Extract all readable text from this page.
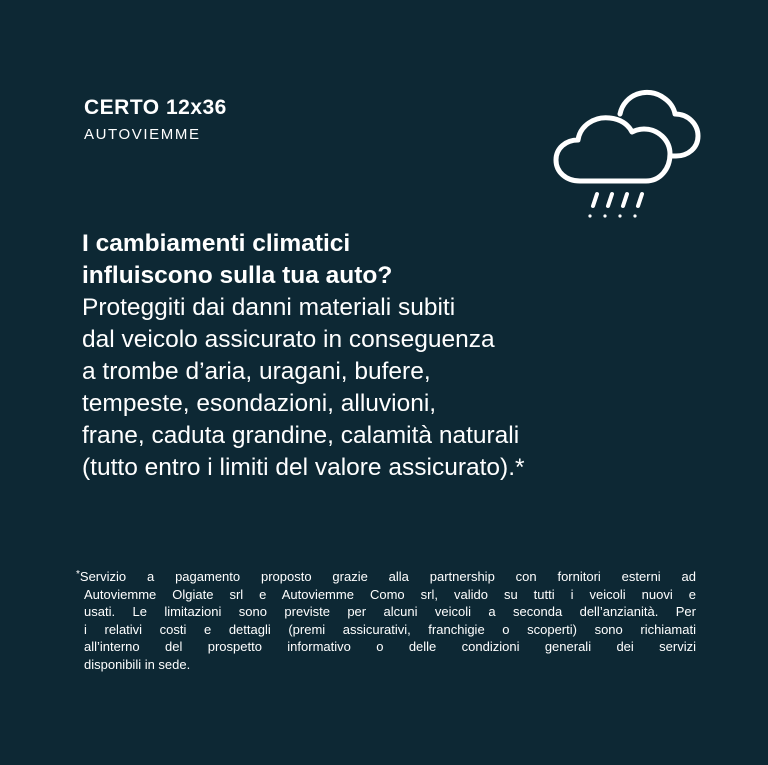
CERTO 12x36
AUTOVIEMME
I cambiamenti climatici
influiscono sulla tua auto?
Proteggiti dai danni materiali subiti
dal veicolo assicurato in conseguenza
a trombe d’aria, uragani, bufere,
tempeste, esondazioni, alluvioni,
frane, caduta grandine, calamità naturali
(tutto entro i limiti del valore assicurato).*
*Servizio a pagamento proposto grazie alla partnership con fornitori esterni ad
Autoviemme Olgiate srl e Autoviemme Como srl, valido su tutti i veicoli nuovi e
usati. Le limitazioni sono previste per alcuni veicoli a seconda dell’anzianità. Per
i relativi costi e dettagli (premi assicurativi, franchigie o scoperti) sono richiamati
all’interno del prospetto informativo o delle condizioni generali dei servizi
disponibili in sede.
